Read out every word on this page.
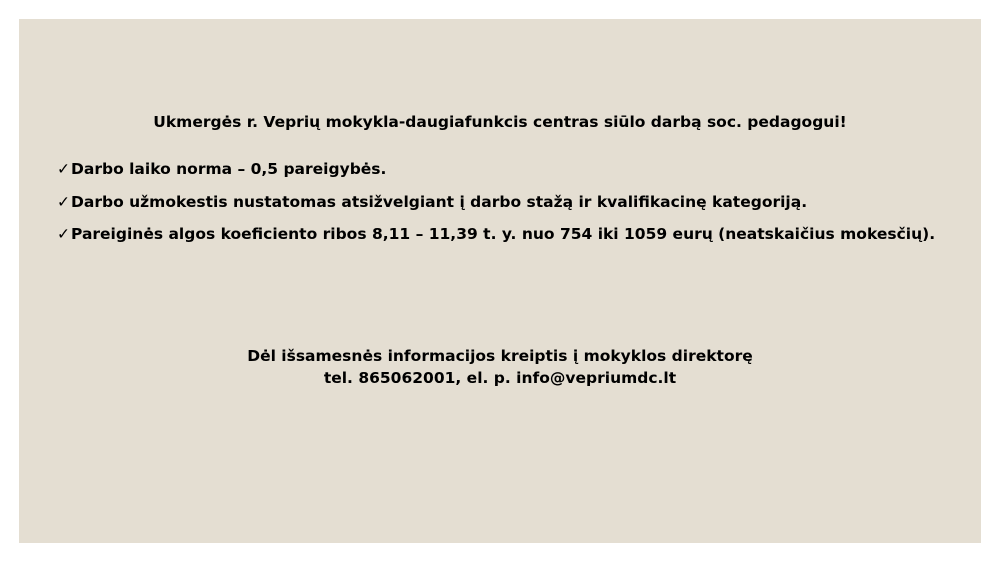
Ukmergės r. Veprių mokykla-daugiafunkcis centras siūlo darbą soc. pedagogui!

✓Darbo laiko norma – 0,5 pareigybės.
✓Darbo užmokestis nustatomas atsižvelgiant į darbo stažą ir kvalifikacinę kategoriją.
✓Pareiginės algos koeficiento ribos 8,11 – 11,39 t. y. nuo 754 iki 1059 eurų (neatskaičius mokesčių).
Dėl išsamesnės informacijos kreiptis į mokyklos direktorę
tel. 865062001, el. p. info@vepriumdc.lt
